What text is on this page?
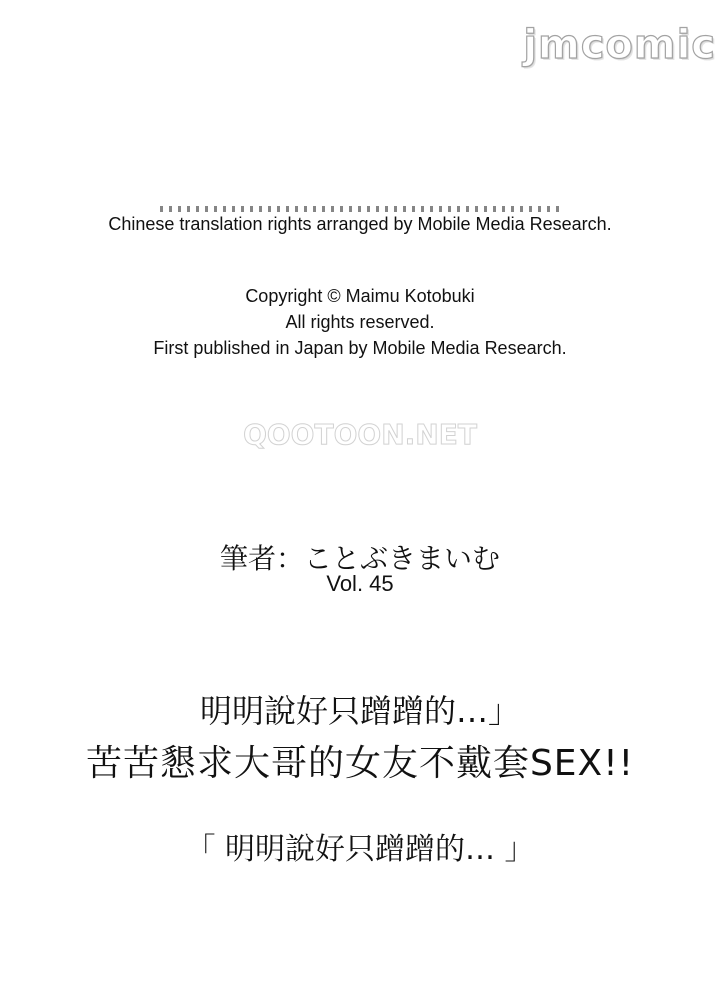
jmcomic
Chinese translation rights arranged by Mobile Media Research.
Copyright © Maimu Kotobuki
All rights reserved.
First published in Japan by Mobile Media Research.
QOOTOON.NET
筆者：ことぶきまいむ
Vol. 45
明明說好只蹭蹭的…」
苦苦懇求大哥的女友不戴套SEX!!
「 明明說好只蹭蹭的… 」
